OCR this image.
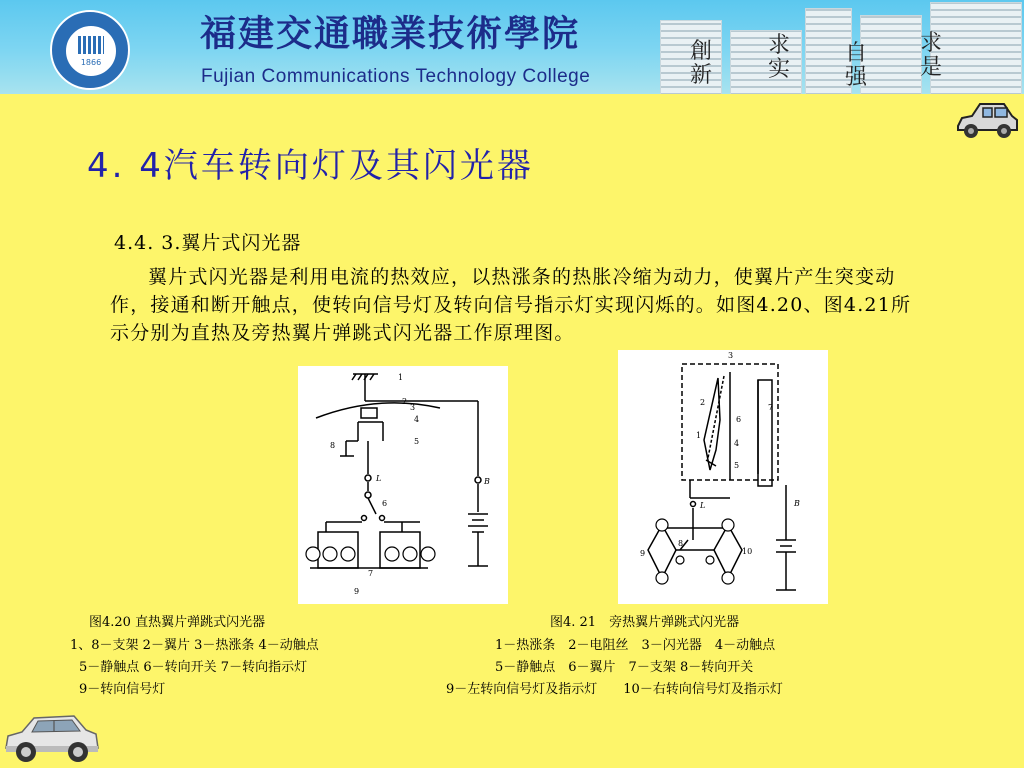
1866
福建交通職業技術學院
Fujian Communications Technology College
創新
求实
自强
求是
4. 4汽车转向灯及其闪光器
4.4. 3.翼片式闪光器
翼片式闪光器是利用电流的热效应，以热涨条的热胀冷缩为动力，使翼片产生突变动作，接通和断开触点，使转向信号灯及转向信号指示灯实现闪烁的。如图4.20、图4.21所示分别为直热及旁热翼片弹跳式闪光器工作原理图。
1
2
3
4
5
8
L
6
B
7
9
3
2
6
1
4
5
7
B
L
9
8
10
图4.20 直热翼片弹跳式闪光器
1、8－支架 2－翼片 3－热涨条 4－动触点
5－静触点 6－转向开关 7－转向指示灯
9－转向信号灯
图4. 21　旁热翼片弹跳式闪光器
1－热涨条　2－电阻丝　3－闪光器　4－动触点
5－静触点　6－翼片　7－支架 8－转向开关
9－左转向信号灯及指示灯　　10－右转向信号灯及指示灯
